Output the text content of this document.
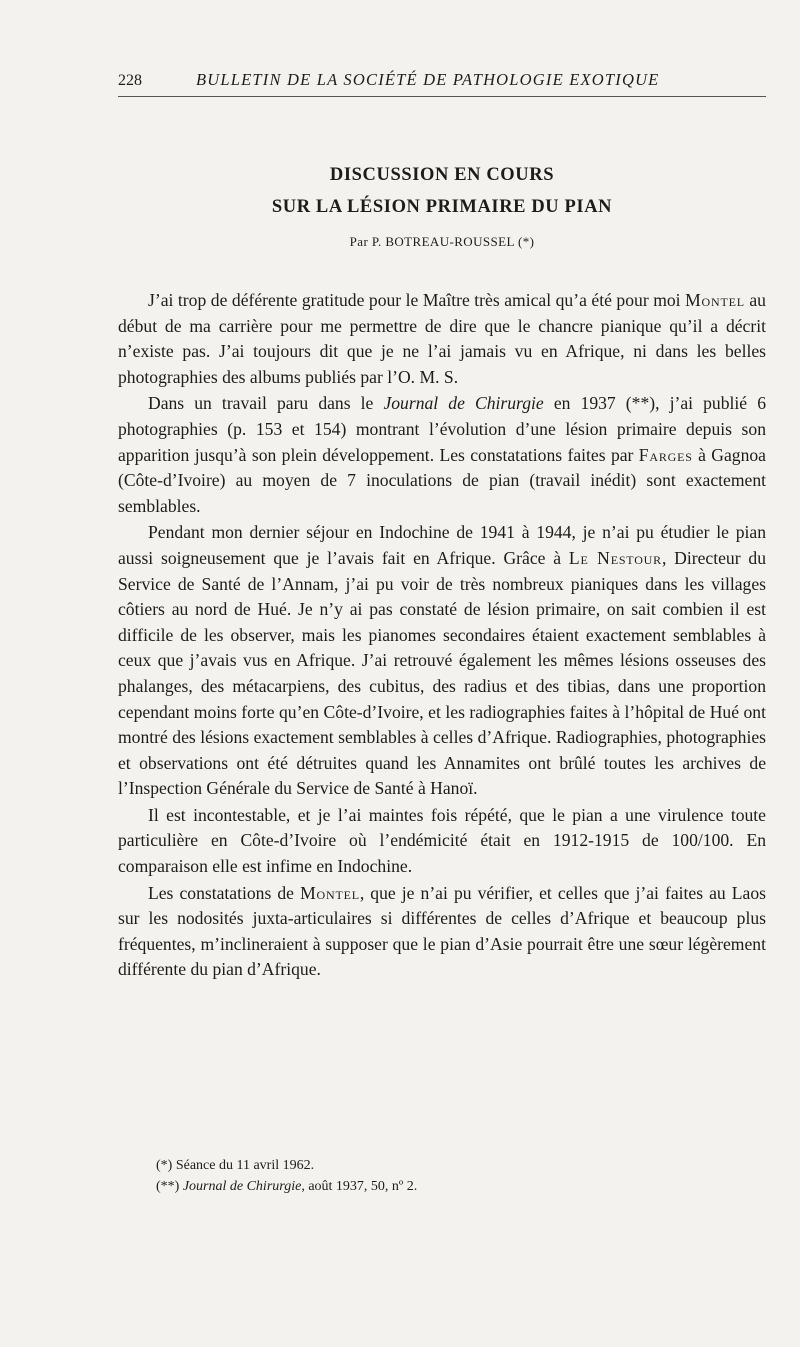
228	BULLETIN DE LA SOCIÉTÉ DE PATHOLOGIE EXOTIQUE
DISCUSSION EN COURS
SUR LA LÉSION PRIMAIRE DU PIAN
Par P. BOTREAU-ROUSSEL (*)

J’ai trop de déférente gratitude pour le Maître très amical qu’a été pour moi Montel au début de ma carrière pour me permettre de dire que le chancre pianique qu’il a décrit n’existe pas. J’ai toujours dit que je ne l’ai jamais vu en Afrique, ni dans les belles photographies des albums publiés par l’O. M. S.

Dans un travail paru dans le Journal de Chirurgie en 1937 (**), j’ai publié 6 photographies (p. 153 et 154) montrant l’évolution d’une lésion primaire depuis son apparition jusqu’à son plein développement. Les constatations faites par Farges à Gagnoa (Côte-d’Ivoire) au moyen de 7 inoculations de pian (travail inédit) sont exactement semblables.

Pendant mon dernier séjour en Indochine de 1941 à 1944, je n’ai pu étudier le pian aussi soigneusement que je l’avais fait en Afrique. Grâce à Le Nestour, Directeur du Service de Santé de l’Annam, j’ai pu voir de très nombreux pianiques dans les villages côtiers au nord de Hué. Je n’y ai pas constaté de lésion primaire, on sait combien il est difficile de les observer, mais les pianomes secondaires étaient exactement semblables à ceux que j’avais vus en Afrique. J’ai retrouvé également les mêmes lésions osseuses des phalanges, des métacarpiens, des cubitus, des radius et des tibias, dans une proportion cependant moins forte qu’en Côte-d’Ivoire, et les radiographies faites à l’hôpital de Hué ont montré des lésions exactement semblables à celles d’Afrique. Radiographies, photographies et observations ont été détruites quand les Annamites ont brûlé toutes les archives de l’Inspection Générale du Service de Santé à Hanoï.

Il est incontestable, et je l’ai maintes fois répété, que le pian a une virulence toute particulière en Côte-d’Ivoire où l’endémicité était en 1912-1915 de 100/100. En comparaison elle est infime en Indochine.

Les constatations de Montel, que je n’ai pu vérifier, et celles que j’ai faites au Laos sur les nodosités juxta-articulaires si différentes de celles d’Afrique et beaucoup plus fréquentes, m’inclineraient à supposer que le pian d’Asie pourrait être une sœur légèrement différente du pian d’Afrique.

(*) Séance du 11 avril 1962.
(**) Journal de Chirurgie, août 1937, 50, nº 2.
